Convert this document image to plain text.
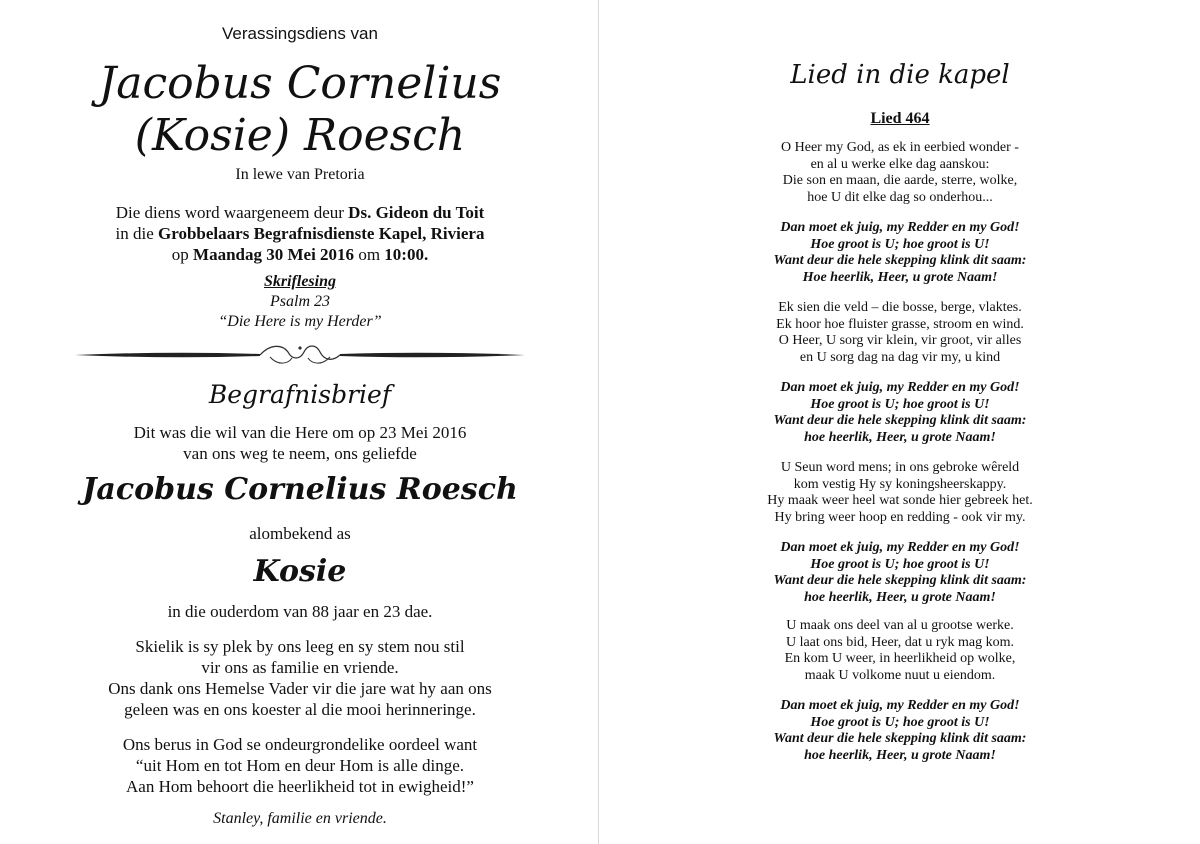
Verassingsdiens van
Jacobus Cornelius
(Kosie) Roesch
In lewe van Pretoria
Die diens word waargeneem deur Ds. Gideon du Toit
in die Grobbelaars Begrafnisdienste Kapel, Riviera
op Maandag 30 Mei 2016 om 10:00.
Skriflesing
Psalm 23
“Die Here is my Herder”
Begrafnisbrief
Dit was die wil van die Here om op 23 Mei 2016
van ons weg te neem, ons geliefde
Jacobus Cornelius Roesch
alombekend as
Kosie
in die ouderdom van 88 jaar en 23 dae.
Skielik is sy plek by ons leeg en sy stem nou stil
vir ons as familie en vriende.
Ons dank ons Hemelse Vader vir die jare wat hy aan ons
geleen was en ons koester al die mooi herinneringe.
Ons berus in God se ondeurgrondelike oordeel want
“uit Hom en tot Hom en deur Hom is alle dinge.
Aan Hom behoort die heerlikheid tot in ewigheid!”
Stanley, familie en vriende.
Lied in die kapel
Lied 464
O Heer my God, as ek in eerbied wonder -
en al u werke elke dag aanskou:
Die son en maan, die aarde, sterre, wolke,
hoe U dit elke dag so onderhou...
Dan moet ek juig, my Redder en my God!
Hoe groot is U; hoe groot is U!
Want deur die hele skepping klink dit saam:
Hoe heerlik, Heer, u grote Naam!
Ek sien die veld – die bosse, berge, vlaktes.
Ek hoor hoe fluister grasse, stroom en wind.
O Heer, U sorg vir klein, vir groot, vir alles
en U sorg dag na dag vir my, u kind
Dan moet ek juig, my Redder en my God!
Hoe groot is U; hoe groot is U!
Want deur die hele skepping klink dit saam:
hoe heerlik, Heer, u grote Naam!
U Seun word mens; in ons gebroke wêreld
kom vestig Hy sy koningsheerskappy.
Hy maak weer heel wat sonde hier gebreek het.
Hy bring weer hoop en redding - ook vir my.
Dan moet ek juig, my Redder en my God!
Hoe groot is U; hoe groot is U!
Want deur die hele skepping klink dit saam:
hoe heerlik, Heer, u grote Naam!
U maak ons deel van al u grootse werke.
U laat ons bid, Heer, dat u ryk mag kom.
En kom U weer, in heerlikheid op wolke,
maak U volkome nuut u eiendom.
Dan moet ek juig, my Redder en my God!
Hoe groot is U; hoe groot is U!
Want deur die hele skepping klink dit saam:
hoe heerlik, Heer, u grote Naam!
